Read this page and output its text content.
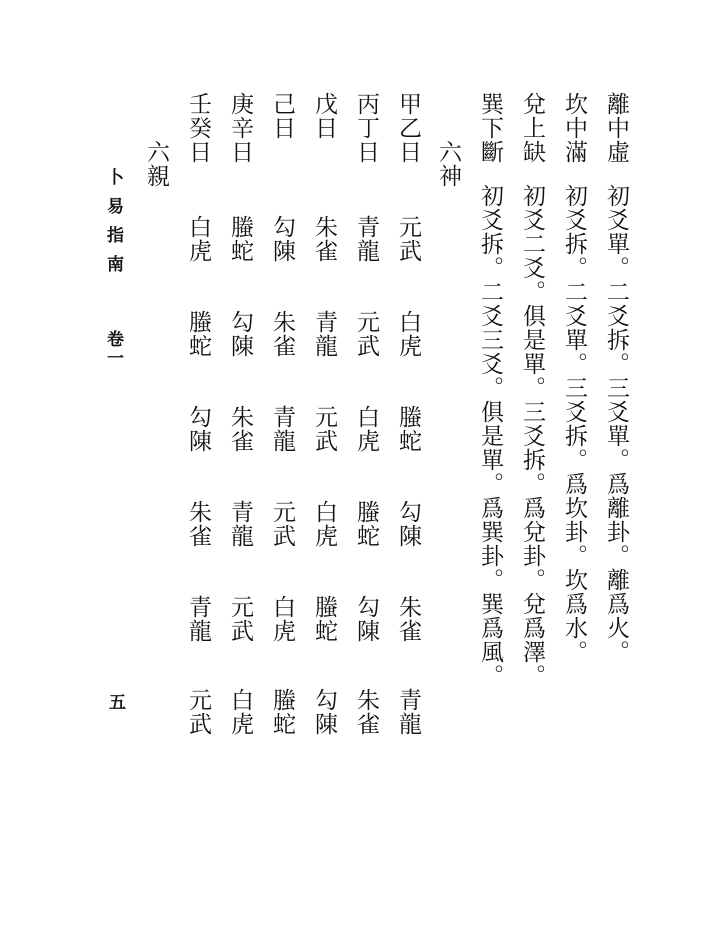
離中虛初爻單。二爻拆。三爻單。爲離卦。離爲火。
坎中滿初爻拆。二爻單。三爻拆。爲坎卦。坎爲水。
兌上缺初爻二爻。俱是單。三爻拆。爲兌卦。兌爲澤。
巽下斷初爻拆。二爻三爻。俱是單。爲巽卦。巽爲風。
六神
甲乙日
丙丁日
戊日
己日
庚辛日
壬癸日
元武
白虎
螣蛇
勾陳
朱雀
青龍
青龍
元武
白虎
螣蛇
勾陳
朱雀
朱雀
青龍
元武
白虎
螣蛇
勾陳
勾陳
朱雀
青龍
元武
白虎
螣蛇
螣蛇
勾陳
朱雀
青龍
元武
白虎
白虎
螣蛇
勾陳
朱雀
青龍
元武
六親
卜易指南
卷一
五
